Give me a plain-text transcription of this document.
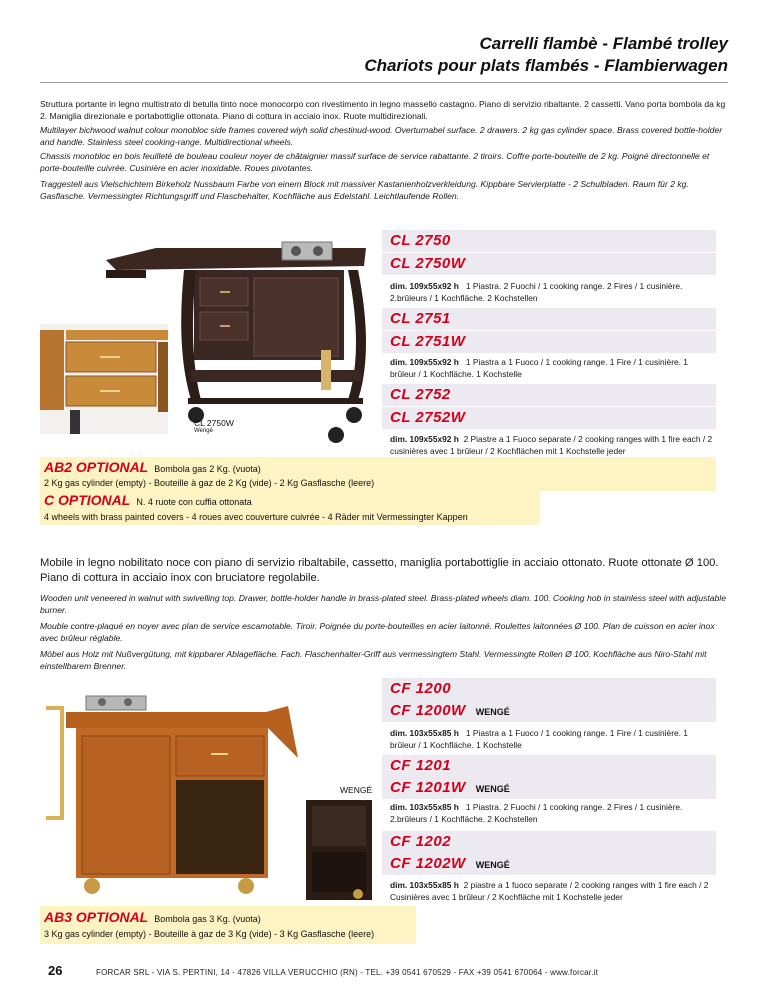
Carrelli flambè - Flambé trolley
Chariots pour plats flambés - Flambierwagen
Struttura portante in legno multistrato di betulla tinto noce monocorpo con rivestimento in legno massello castagno. Piano di servizio ribaltante. 2 cassetti. Vano porta bombola da kg 2. Maniglia direzionale e portabottiglie ottonata. Piano di cottura in acciaio inox. Ruote multidirezionali.
Multilayer bichwood walnut colour monobloc side frames covered wiyh solid chestinud-wood. Overturnabel surface. 2 drawers. 2 kg gas cylinder space. Brass covered bottle-holder and handle. Stainless steel cooking-range. Multidirectional wheels.
Chassis monobloc en bois feuilleté de bouleau couleur noyer de châtaignier massif surface de service rabattante. 2 tiroirs. Coffre porte-bouteille de 2 kg. Poigné directonnelle et porte-bouteille cuivrée. Cusinière en acier inoxidable. Roues pivotantes.
Traggestell aus Vielschichtem Birkeholz Nussbaum Farbe von einem Block mit massiver Kastanienholzverkleidung. Kippbare Servierplatte - 2 Schulbladen. Raum für 2 kg. Gasflasche. Vermessingter Richtungsgriff und Flaschehalter, Kochfläche aus Edelstahl. Leichtlaufende Rollen.
CL 2750W
Wengé
CL 2750
CL 2750W
dim. 109x55x92 h 1 Piastra. 2 Fuochi / 1 cooking range. 2 Fires / 1 cusinière. 2.brûleurs / 1 Kochfläche. 2 Kochstellen
CL 2751
CL 2751W
dim. 109x55x92 h 1 Piastra a 1 Fuoco / 1 cooking range. 1 Fire / 1 cusinière. 1 brûleur / 1 Kochfläche. 1 Kochstelle
CL 2752
CL 2752W
dim. 109x55x92 h 2 Piastre a 1 Fuoco separate / 2 cooking ranges with 1 fire each / 2 cusinières avec 1 brûleur / 2 Kochflächen mit 1 Kochstelle jeder
AB2 OPTIONAL Bombola gas 2 Kg. (vuota)
2 Kg gas cylinder (empty) - Bouteille à gaz de 2 Kg (vide) - 2 Kg Gasflasche (leere)
C OPTIONAL N. 4 ruote con cuffia ottonata
4 wheels with brass painted covers - 4 roues avec couverture cuivrée - 4 Räder mit Vermessingter Kappen
Mobile in legno nobilitato noce con piano di servizio ribaltabile, cassetto, maniglia portabottiglie in acciaio ottonato. Ruote ottonate Ø 100. Piano di cottura in acciaio inox con bruciatore regolabile.
Wooden unit veneered in walnut with swivelling top. Drawer, bottle-holder handle in brass-plated steel. Brass-plated wheels diam. 100. Cooking hob in stainless steel with adjustable burner.
Mouble contre-plaqué en noyer avec plan de service escamotable. Tiroir. Poignée du porte-bouteilles en acier laitonné. Roulettes laitonnées Ø 100. Plan de cuisson en acier inox avec brûleur réglable.
Möbel aus Holz mit Nußvergütung, mit kippbarer Ablagefläche. Fach. Flaschenhalter-Griff aus vermessingtem Stahl. Vermessingte Rollen Ø 100. Kochfläche aus Niro-Stahl mit einstellbarem Brenner.
WENGÉ
CF 1200
CF 1200W WENGÉ
dim. 103x55x85 h 1 Piastra a 1 Fuoco / 1 cooking range. 1 Fire / 1 cusinière. 1 brûleur / 1 Kochfläche. 1 Kochstelle
CF 1201
CF 1201W WENGÉ
dim. 103x55x85 h 1 Piastra. 2 Fuochi / 1 cooking range. 2 Fires / 1 cusinière. 2.brûleurs / 1 Kochfläche. 2 Kochstellen
CF 1202
CF 1202W WENGÉ
dim. 103x55x85 h 2 piastre a 1 fuoco separate / 2 cooking ranges with 1 fire each / 2 Cusinières avec 1 brûleur / 2 Kochfläche mit 1 Kochstelle jeder
AB3 OPTIONAL Bombola gas 3 Kg. (vuota)
3 Kg gas cylinder (empty) - Bouteille à gaz de 3 Kg (vide) - 3 Kg Gasflasche (leere)
26	FORCAR SRL - VIA S. PERTINI, 14 - 47826 VILLA VERUCCHIO (RN) - TEL. +39 0541 670529 - FAX +39 0541 670064 - www.forcar.it
